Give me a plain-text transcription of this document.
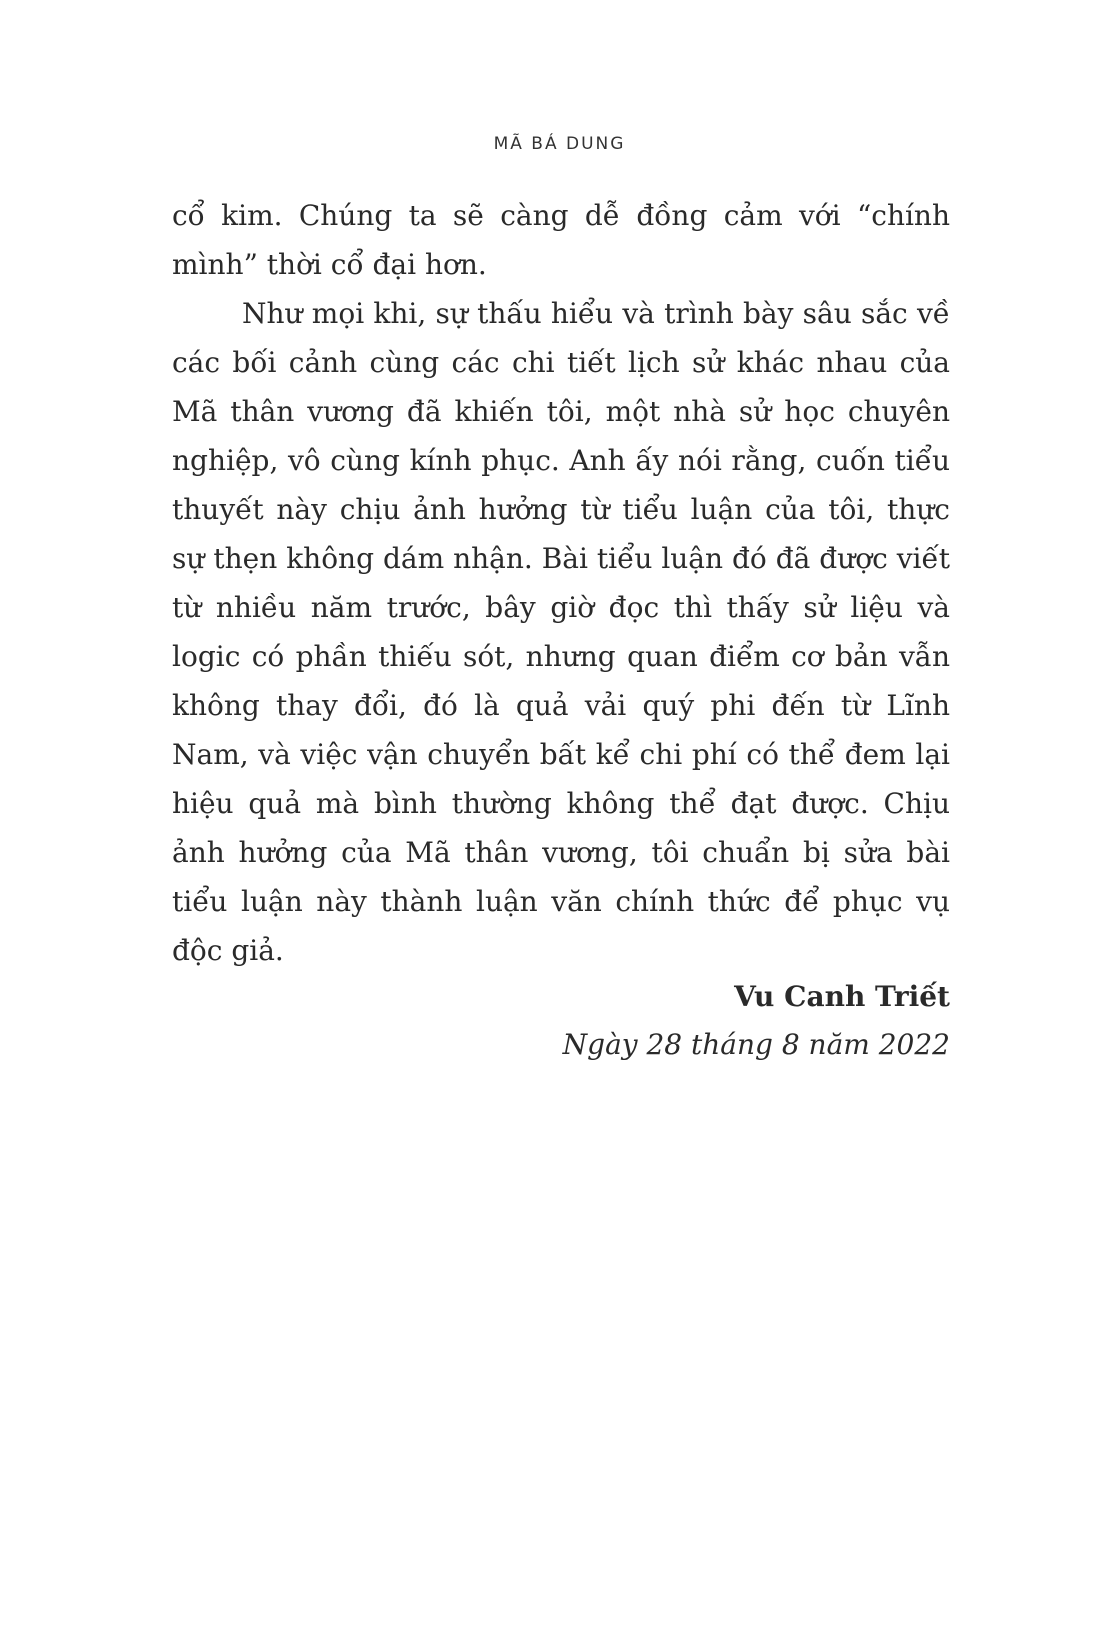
MÃ BÁ DUNG

cổ kim. Chúng ta sẽ càng dễ đồng cảm với “chính mình” thời cổ đại hơn.

Như mọi khi, sự thấu hiểu và trình bày sâu sắc về các bối cảnh cùng các chi tiết lịch sử khác nhau của Mã thân vương đã khiến tôi, một nhà sử học chuyên nghiệp, vô cùng kính phục. Anh ấy nói rằng, cuốn tiểu thuyết này chịu ảnh hưởng từ tiểu luận của tôi, thực sự thẹn không dám nhận. Bài tiểu luận đó đã được viết từ nhiều năm trước, bây giờ đọc thì thấy sử liệu và logic có phần thiếu sót, nhưng quan điểm cơ bản vẫn không thay đổi, đó là quả vải quý phi đến từ Lĩnh Nam, và việc vận chuyển bất kể chi phí có thể đem lại hiệu quả mà bình thường không thể đạt được. Chịu ảnh hưởng của Mã thân vương, tôi chuẩn bị sửa bài tiểu luận này thành luận văn chính thức để phục vụ độc giả.

Vu Canh Triết
Ngày 28 tháng 8 năm 2022
